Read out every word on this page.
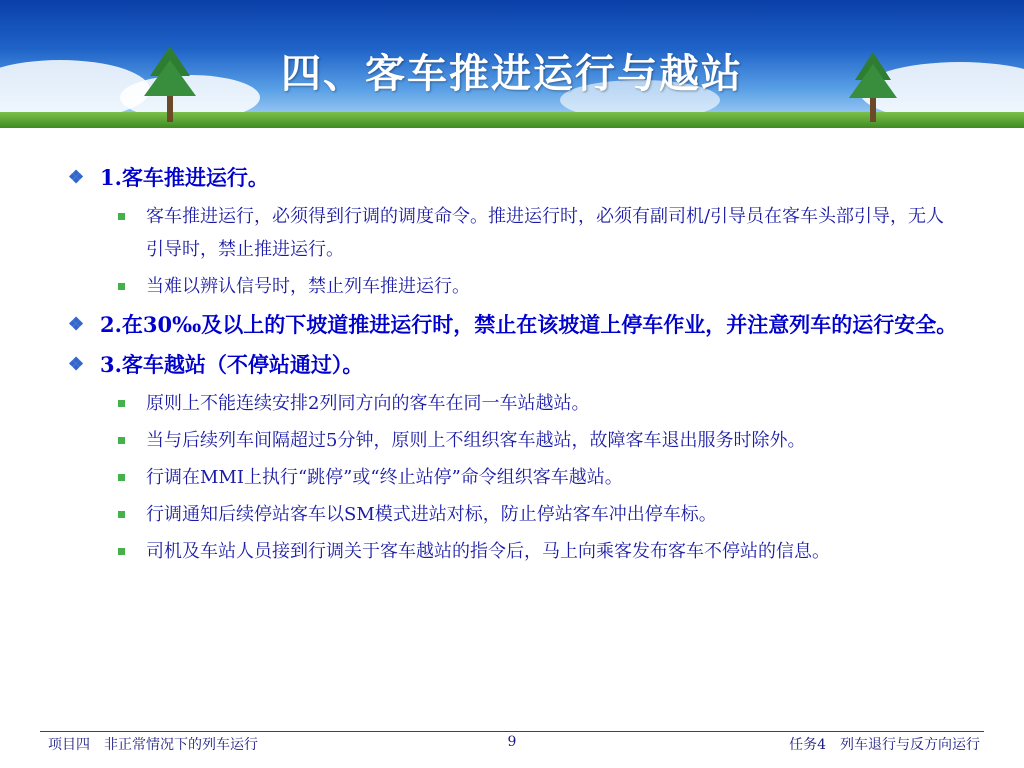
四、客车推进运行与越站
❖ 1.客车推进运行。
客车推进运行，必须得到行调的调度命令。推进运行时，必须有副司机/引导员在客车头部引导，无人引导时，禁止推进运行。
当难以辨认信号时，禁止列车推进运行。
❖ 2.在30‰及以上的下坡道推进运行时，禁止在该坡道上停车作业，并注意列车的运行安全。
❖ 3.客车越站（不停站通过）。
原则上不能连续安排2列同方向的客车在同一车站越站。
当与后续列车间隔超过5分钟，原则上不组织客车越站，故障客车退出服务时除外。
行调在MMI上执行“跳停”或“终止站停”命令组织客车越站。
行调通知后续停站客车以SM模式进站对标，防止停站客车冲出停车标。
司机及车站人员接到行调关于客车越站的指令后，马上向乘客发布客车不停站的信息。
项目四　非正常情况下的列车运行	9	任务4　列车退行与反方向运行
